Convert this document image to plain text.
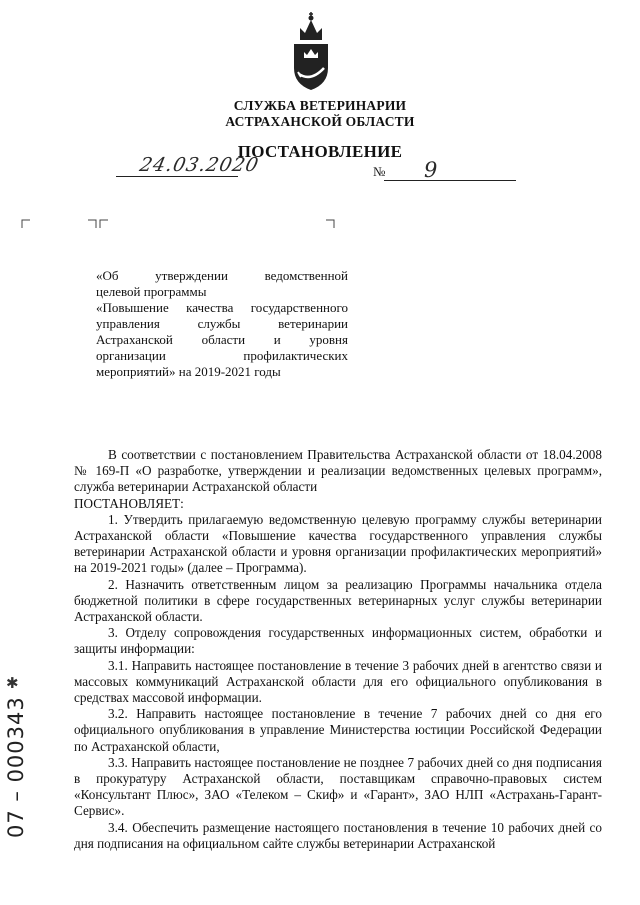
СЛУЖБА ВЕТЕРИНАРИИ
АСТРАХАНСКОЙ ОБЛАСТИ
ПОСТАНОВЛЕНИЕ
24.03.2020	№ 9
«Об утверждении ведомственной
целевой программы
«Повышение качества государственного
управления службы ветеринарии
Астраханской области и уровня
организации профилактических
мероприятий» на 2019-2021 годы

В соответствии с постановлением Правительства Астраханской области от 18.04.2008 № 169-П «О разработке, утверждении и реализации ведомственных целевых программ», служба ветеринарии Астраханской области

ПОСТАНОВЛЯЕТ:

1. Утвердить прилагаемую ведомственную целевую программу службы ветеринарии Астраханской области «Повышение качества государственного управления службы ветеринарии Астраханской области и уровня организации профилактических мероприятий» на 2019-2021 годы» (далее – Программа).

2. Назначить ответственным лицом за реализацию Программы начальника отдела бюджетной политики в сфере государственных ветеринарных услуг службы ветеринарии Астраханской области.

3. Отделу сопровождения государственных информационных систем, обработки и защиты информации:

3.1. Направить настоящее постановление в течение 3 рабочих дней в агентство связи и массовых коммуникаций Астраханской области для его официального опубликования в средствах массовой информации.

3.2. Направить настоящее постановление в течение 7 рабочих дней со дня его официального опубликования в управление Министерства юстиции Российской Федерации по Астраханской области,

3.3. Направить настоящее постановление не позднее 7 рабочих дней со дня подписания в прокуратуру Астраханской области, поставщикам справочно-правовых систем «Консультант Плюс», ЗАО «Телеком – Скиф» и «Гарант», ЗАО НЛП «Астрахань-Гарант-Сервис».

3.4. Обеспечить размещение настоящего постановления в течение 10 рабочих дней со дня подписания на официальном сайте службы ветеринарии Астраханской

✱
07 – 000343
